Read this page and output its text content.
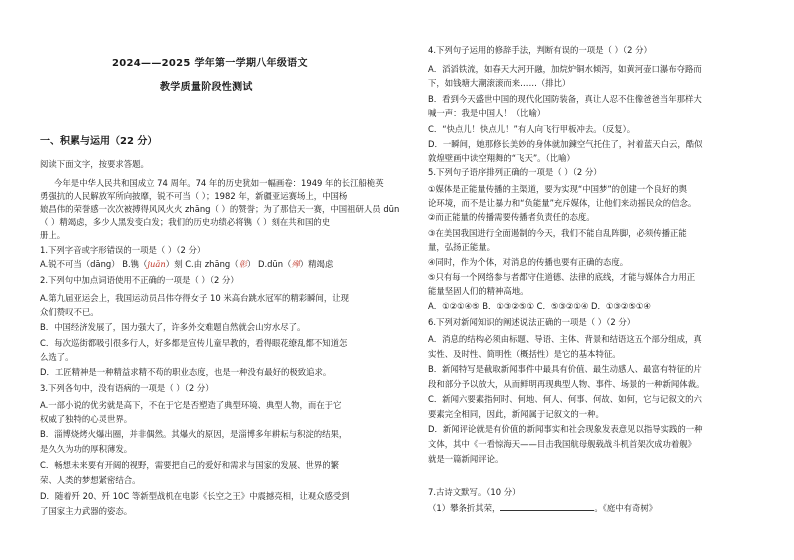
2024——2025 学年第一学期八年级语文
教学质量阶段性测试
一、积累与运用（22 分）
阅读下面文字，按要求答题。
今年是中华人民共和国成立 74 周年。74 年的历史犹如一幅画卷：1949 年的长江船桅英
勇强抗的人民解放军所向披靡，锐不可当（ ）；1982 年，新疆亚运赛场上，中国杨
娘昌伟的荣誉感一次次被搏得风风火火 zhāng（ ）的赞誉；为了那信天一赛，中国祖研人员 dūn
（ ）精竭虑，多少人黑发变白发；我们的历史功绩必将镌（ ）刻在共和国的史
册上。
1.下列字音或字形错误的一项是（ ）（2 分）
A.锐不可当（dāng） B.镌（juān）刻 C.由 zhāng（彰） D.dūn（殚）精竭虑
2.下列句中加点词语使用不正确的一项是（ ）（2 分）
A.第九届亚运会上，我国运动员吕伟夺得女子 10 米高台跳水冠军的精彩瞬间，让现
众们赞叹不已。
B．中国经济发展了，国力强大了，许多外交难题自然就会山穷水尽了。
C．每次巡街都吸引很多行人，好多都是宣传儿童早教的，看得眼花缭乱都不知道怎
么选了。
D．工匠精神是一种精益求精不苟的职业态度，也是一种没有最好的极致追求。
3.下列各句中，没有语病的一项是（ ）（2 分）
A.一部小说的优劣就是高下，不在于它是否塑造了典型环境、典型人物，而在于它
权威了独特的心灵世界。
B．淄博烧烤火爆出圈，并非偶然。其爆火的原因，是淄博多年耕耘与积淀的结果，
是久久为功的厚积薄发。
C．畅想未来要有开阔的视野，需要把自己的爱好和需求与国家的发展、世界的繁
荣、人类的梦想紧密结合。
D．随着歼 20、歼 10C 等新型战机在电影《长空之王》中震撼亮相，让观众感受到
了国家主力武器的姿态。
4.下列句子运用的修辞手法，判断有误的一项是（ ）（2 分）
A．滔滔铁流，如春天大河开融，加烷炉铜水倾泻，如黄河壶口瀑布夺路而
下，如钱塘大潮滚滚而来……（排比）
B．看到今天盛世中国的现代化国防装备，真让人忍不住像爸爸当年那样大
喊一声：我是中国人！（比喻）
C．“快点儿！快点儿！”有人向飞行甲板冲去。（反复）。
D．一瞬间，她那修长美妙的身体就加鍊空气托住了，衬着蓝天白云，酷似
敦煌壁画中读空翔舞的“飞天”。（比喻）
5.下列句子语序排列正确的一项是（ ）（2 分）
①媒体是正能量传播的主渠道，要为实现“中国梦”的创建一个良好的舆
论环境，而不是让暴力和“负能量”充斥媒体，让他们来动摇民众的信念。
②而正能量的传播需要传播者负责任的态度。
③在美国我国进行全面遏制的今天，我们不能自乱阵脚，必须传播正能
量，弘扬正能量。
④同时，作为个体，对消息的传播也要有正确的态度。
⑤只有每一个网络参与者都守住道德、法律的底线，才能与媒体合力用正
能量坚固人们的精神高地。
A．①②①④⑤ B．①③②⑤① C．⑤③②①④ D．①③②⑤①④
6.下列对新闻知识的阐述说法正确的一项是（ ）（2 分）
A．消息的结构必须由标题、导语、主体、背景和结语这五个部分组成，真
实性、及时性、简明性（概括性）是它的基本特征。
B．新闻特写是截取新闻事件中最具有价值、最生动感人、最富有特征的片
段和部分予以放大，从而鲜明再现典型人物、事件、场景的一种新闻体裁。
C．新闻六要素指何时、何地、何人、何事、何故、如何，它与记叙文的六
要素完全相同，因此，新闻属于记叙文的一种。
D．新闻评论就是有价值的新闻事实和社会现象发表意见以指导实践的一种
文体，其中《一看惊海天——目击我国航母舰载战斗机首架次成功着舰》
就是一篇新闻评论。
7.古诗文默写。（10 分）
（1）攀条折其荣，	。《庭中有奇树》
